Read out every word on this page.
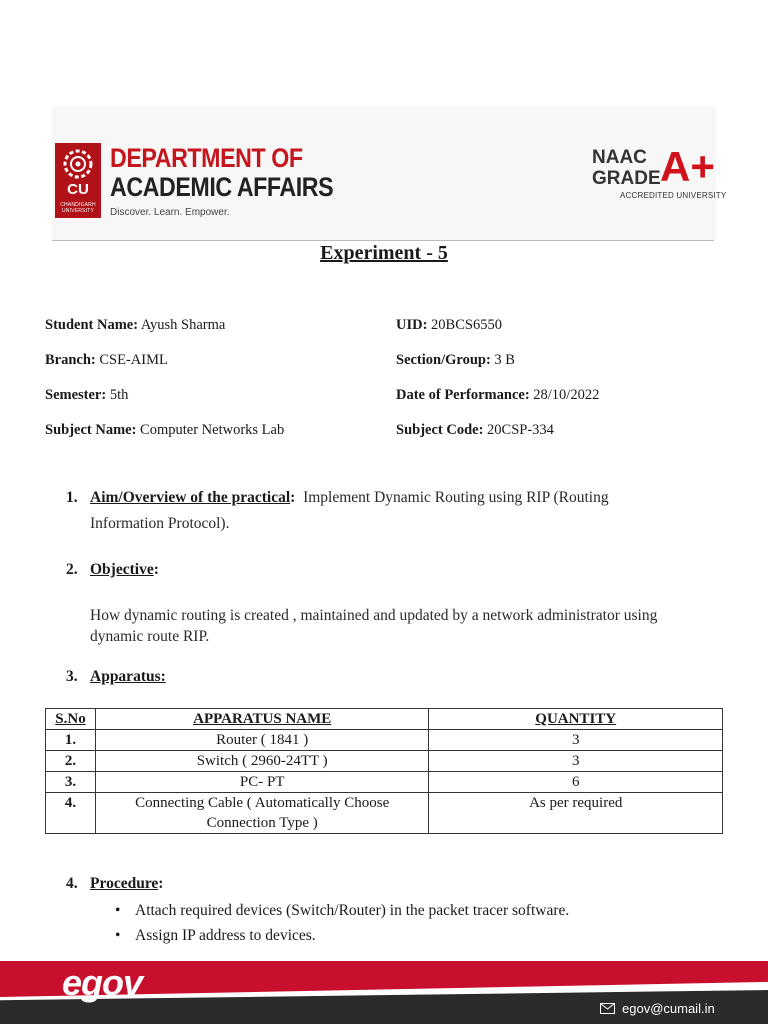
CU
CHANDIGARH UNIVERSITY
DEPARTMENT OF
ACADEMIC AFFAIRS
Discover. Learn. Empower.
NAAC
GRADE A+
ACCREDITED UNIVERSITY
Experiment - 5
Student Name: Ayush Sharma	UID: 20BCS6550
Branch: CSE-AIML	Section/Group: 3 B
Semester: 5th	Date of Performance: 28/10/2022
Subject Name: Computer Networks Lab	Subject Code: 20CSP-334
1. Aim/Overview of the practical: Implement Dynamic Routing using RIP (Routing
Information Protocol).
2. Objective:
How dynamic routing is created , maintained and updated by a network administrator using
dynamic route RIP.
3. Apparatus:
S.No	APPARATUS NAME	QUANTITY
1.	Router ( 1841 )	3
2.	Switch ( 2960-24TT )	3
3.	PC- PT	6
4.	Connecting Cable ( Automatically Choose
Connection Type )	As per required
4. Procedure:
• Attach required devices (Switch/Router) in the packet tracer software.
• Assign IP address to devices.
egov
egov@cumail.in
